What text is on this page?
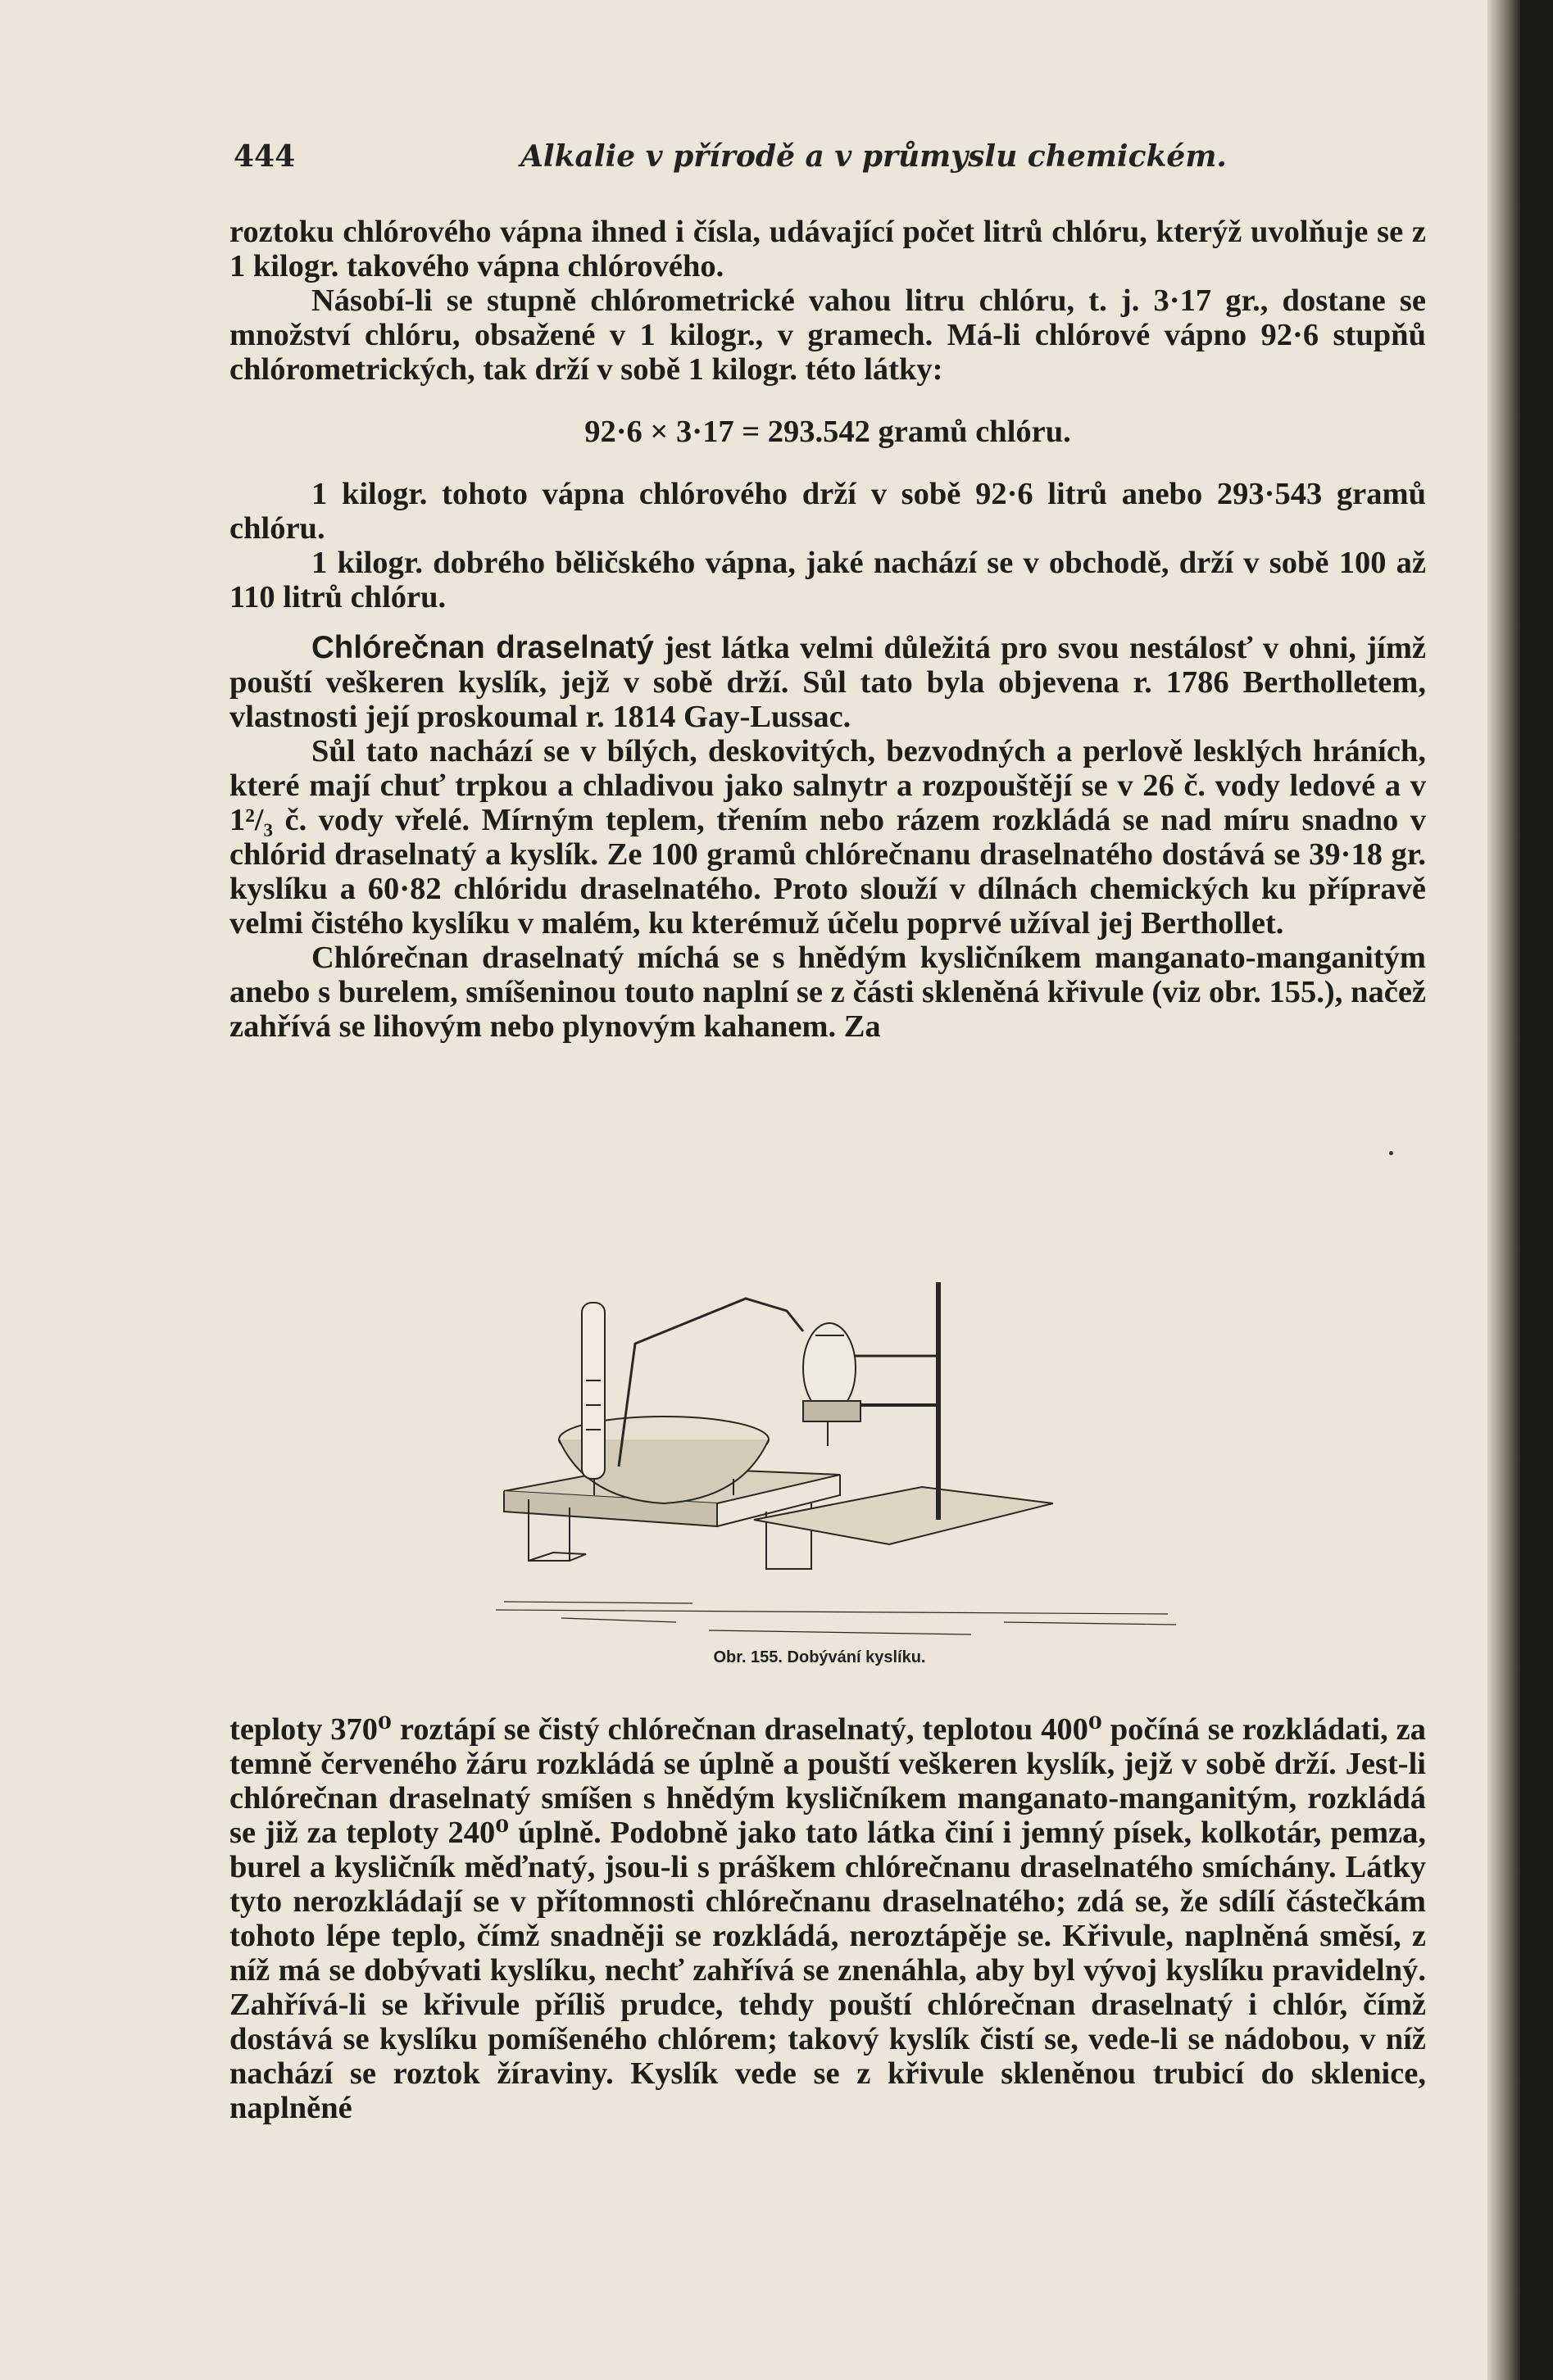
444	Alkalie v přírodě a v průmyslu chemickém.

roztoku chlórového vápna ihned i čísla, udávající počet litrů chlóru, kterýž uvolňuje se z 1 kilogr. takového vápna chlórového.

Násobí-li se stupně chlórometrické vahou litru chlóru, t. j. 3·17 gr., dostane se množství chlóru, obsažené v 1 kilogr., v gramech. Má-li chlórové vápno 92·6 stupňů chlórometrických, tak drží v sobě 1 kilogr. této látky:

92·6 × 3·17 = 293.542 gramů chlóru.

1 kilogr. tohoto vápna chlórového drží v sobě 92·6 litrů anebo 293·543 gramů chlóru.

1 kilogr. dobrého běličského vápna, jaké nachází se v obchodě, drží v sobě 100 až 110 litrů chlóru.

Chlórečnan draselnatý jest látka velmi důležitá pro svou nestálosť v ohni, jímž pouští veškeren kyslík, jejž v sobě drží. Sůl tato byla objevena r. 1786 Bertholletem, vlastnosti její proskoumal r. 1814 Gay-Lussac.

Sůl tato nachází se v bílých, deskovitých, bezvodných a perlově lesklých hráních, které mají chuť trpkou a chladivou jako salnytr a rozpouštějí se v 26 č. vody ledové a v 1²/₃ č. vody vřelé. Mírným teplem, třením nebo rázem rozkládá se nad míru snadno v chlórid draselnatý a kyslík. Ze 100 gramů chlórečnanu draselnatého dostává se 39·18 gr. kyslíku a 60·82 chlóridu draselnatého. Proto slouží v dílnách chemických ku přípravě velmi čistého kyslíku v malém, ku kterémuž účelu poprvé užíval jej Berthollet.

Chlórečnan draselnatý míchá se s hnědým kysličníkem manganato-manganitým anebo s burelem, smíšeninou touto naplní se z části skleněná křivule (viz obr. 155.), načež zahřívá se lihovým nebo plynovým kahanem. Za

Obr. 155. Dobývání kyslíku.

teploty 370⁰ roztápí se čistý chlórečnan draselnatý, teplotou 400⁰ počíná se rozkládati, za temně červeného žáru rozkládá se úplně a pouští veškeren kyslík, jejž v sobě drží. Jest-li chlórečnan draselnatý smíšen s hnědým kysličníkem manganato-manganitým, rozkládá se již za teploty 240⁰ úplně. Podobně jako tato látka činí i jemný písek, kolkotár, pemza, burel a kysličník měďnatý, jsou-li s práškem chlórečnanu draselnatého smíchány. Látky tyto nerozkládají se v přítomnosti chlórečnanu draselnatého; zdá se, že sdílí částečkám tohoto lépe teplo, čímž snadněji se rozkládá, neroztápěje se. Křivule, naplněná směsí, z níž má se dobývati kyslíku, nechť zahřívá se znenáhla, aby byl vývoj kyslíku pravidelný. Zahřívá-li se křivule příliš prudce, tehdy pouští chlórečnan draselnatý i chlór, čímž dostává se kyslíku pomíšeného chlórem; takový kyslík čistí se, vede-li se nádobou, v níž nachází se roztok žíraviny. Kyslík vede se z křivule skleněnou trubicí do sklenice, naplněné
